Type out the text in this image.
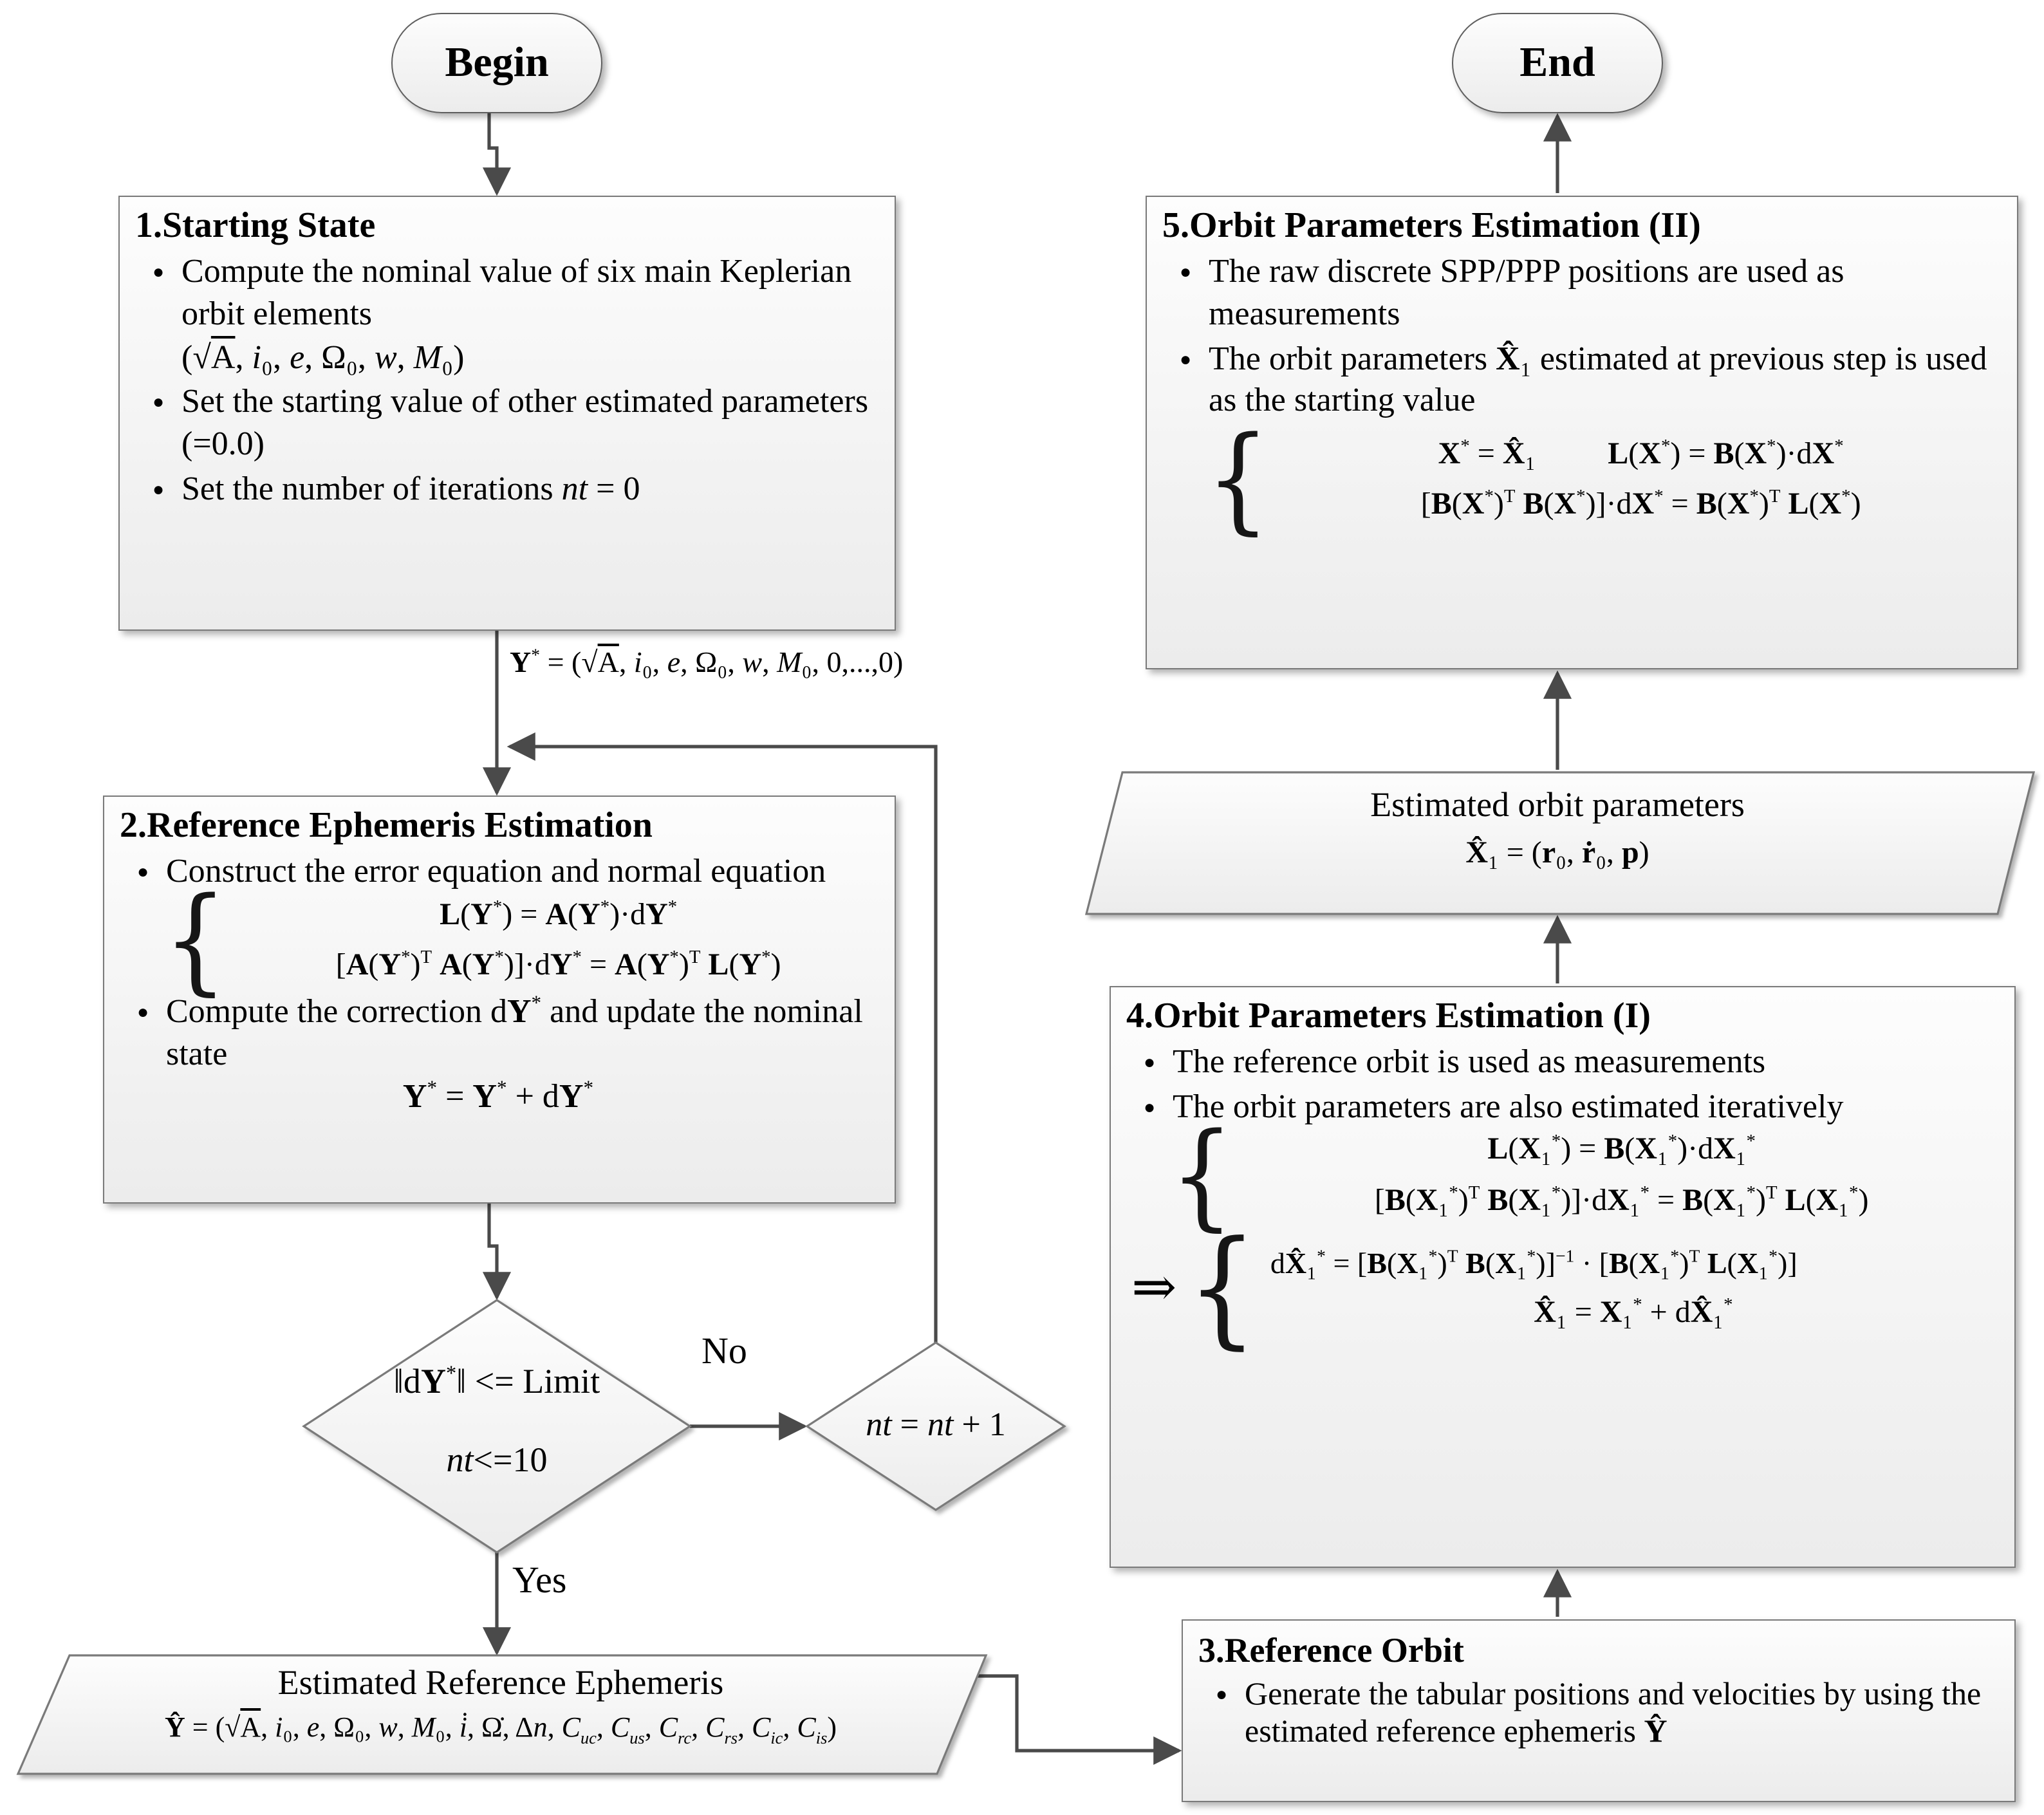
Begin	End
1.Starting State
●	Compute the nominal value of six main Keplerian orbit elements
(√A, i₀, e, Ω₀, w, M₀)
●	Set the starting value of other estimated parameters (=0.0)
●	Set the number of iterations nt = 0
Y* = (√A, i₀, e, Ω₀, w, M₀, 0,...,0)
2.Reference Ephemeris Estimation
●	Construct the error equation and normal equation
{	L(Y*) = A(Y*)·dY*
[$A(Y^*)^T$ $A(Y^*)]\cdot dY^* = A(Y^*)^T$ L(Y*)
●	Compute the correction dY* and update the nominal state
Y* = Y* + dY*
‖dY*‖ <= Limit
nt<=10
No
nt = nt + 1
Yes
Estimated Reference Ephemeris
Ŷ = (√A, i₀, e, Ω₀, w, M₀, i̇, Ω̇, Δn, $C_{uc}$, $C_{us}$, $C_{rc}$, $C_{rs}$, $C_{ic}$, $C_{is}$)
3.Reference Orbit
●	Generate the tabular positions and velocities by using the estimated reference ephemeris Ŷ
4.Orbit Parameters Estimation (I)
●	The reference orbit is used as measurements
●	The orbit parameters are also estimated iteratively
{	L(X₁*) = B(X₁*)·dX₁*
[$B(X_1^*)^T$ $B(X_1^*)]\cdot dX_1^* = B(X_1^*)^T$ L(X₁*)
⇒ { dX̂₁* = [$B(X_1^*)^T$ $B(X_1^*)]^{-1} \cdot [B(X_1^*)^T$ L(X₁*)]
X̂₁ = X₁* + dX̂₁*
Estimated orbit parameters
X̂₁ = (r₀, ṙ₀, p)
5.Orbit Parameters Estimation (II)
●	The raw discrete SPP/PPP positions are used as measurements
●	The orbit parameters X̂₁ estimated at previous step is used as the starting value
{	X* = X̂₁	L(X*) = B(X*)·dX*
[$B(X^*)^T$ $B(X^*)]\cdot dX^* = B(X^*)^T$ L(X*)
